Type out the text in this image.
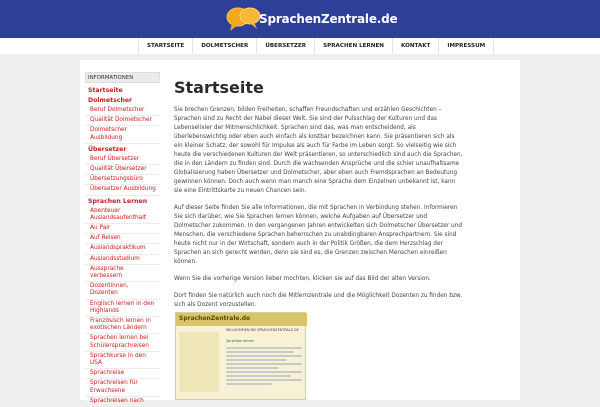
SprachenZentrale.de
STARTSEITE	DOLMETSCHER	ÜBERSETZER	SPRACHEN LERNEN	KONTAKT	IMPRESSUM
INFORMATIONEN
Startseite
Dolmetscher
Beruf Dolmetscher
Qualität Dolmetscher
Dolmetscher Ausbildung
Übersetzer
Beruf Übersetzer
Qualität Übersetzer
Übersetzungsbüro
Übersetzer Ausbildung
Sprachen Lernen
Abenteuer Auslandsaufenthalt
Au Pair
Auf Reisen
Auslandspraktikum
Auslandsstudium
Aussprache verbessern
Dozentinnen, Dozenten
Englisch lernen in den Highlands
Französisch lernen in exotischen Ländern
Sprachen lernen bei Schülersprachreisen
Sprachkurse in den USA
Sprachreise
Sprachreisen für Erwachsene
Sprachreisen nach
Startseite

Sie brechen Grenzen, bilden Freiheiten, schaffen Freundschaften und erzählen Geschichten – Sprachen sind zu Recht der Nabel dieser Welt. Sie sind der Pulsschlag der Kulturen und das Lebenselixier der Mitmenschlichkeit. Sprachen sind das, was man entscheidend, als überlebenswichtig oder eben auch einfach als kostbar bezeichnen kann. Sie präsentieren sich als ein kleiner Schatz, der sowohl für Impulse als auch für Farbe im Leben sorgt. So vielseitig wie sich heute die verschiedenen Kulturen der Welt präsentieren, so unterschiedlich sind auch die Sprachen, die in den Ländern zu finden sind. Durch die wachsenden Ansprüche und die schier unaufhaltsame Globalisierung haben Übersetzer und Dolmetscher, aber eben auch Fremdsprachen an Bedeutung gewinnen können. Doch auch wenn man manch eine Sprache dem Einzelnen unbekannt ist, kann sie eine Eintrittskarte zu neuen Chancen sein.

Auf dieser Seite finden Sie alle Informationen, die mit Sprachen in Verbindung stehen. Informieren Sie sich darüber, wie Sie Sprachen lernen können, welche Aufgaben auf Übersetzer und Dolmetscher zukommen. In den vergangenen Jahren entwickelten sich Dolmetscher Übersetzer und Menschen, die verschiedene Sprachen beherrschen zu unabdingbaren Ansprechpartnern. Sie sind heute nicht nur in der Wirtschaft, sondern auch in der Politik Größen, die dem Herzschlag der Sprachen an sich gerecht werden, denn sie sind es, die Grenzen zwischen Menschen einreißen können.

Wenn Sie die vorherige Version lieber mochten, klicken sie auf das Bild der alten Version.

Dort finden Sie natürlich auch noch die Mitlernzentrale und die Möglichkeit Dozenten zu finden bzw. sich als Dozent vorzustellen.

SprachenZentrale.de
WILLKOMMEN BEI SPRACHENZENTRALE.DE
Sprachen lernen
